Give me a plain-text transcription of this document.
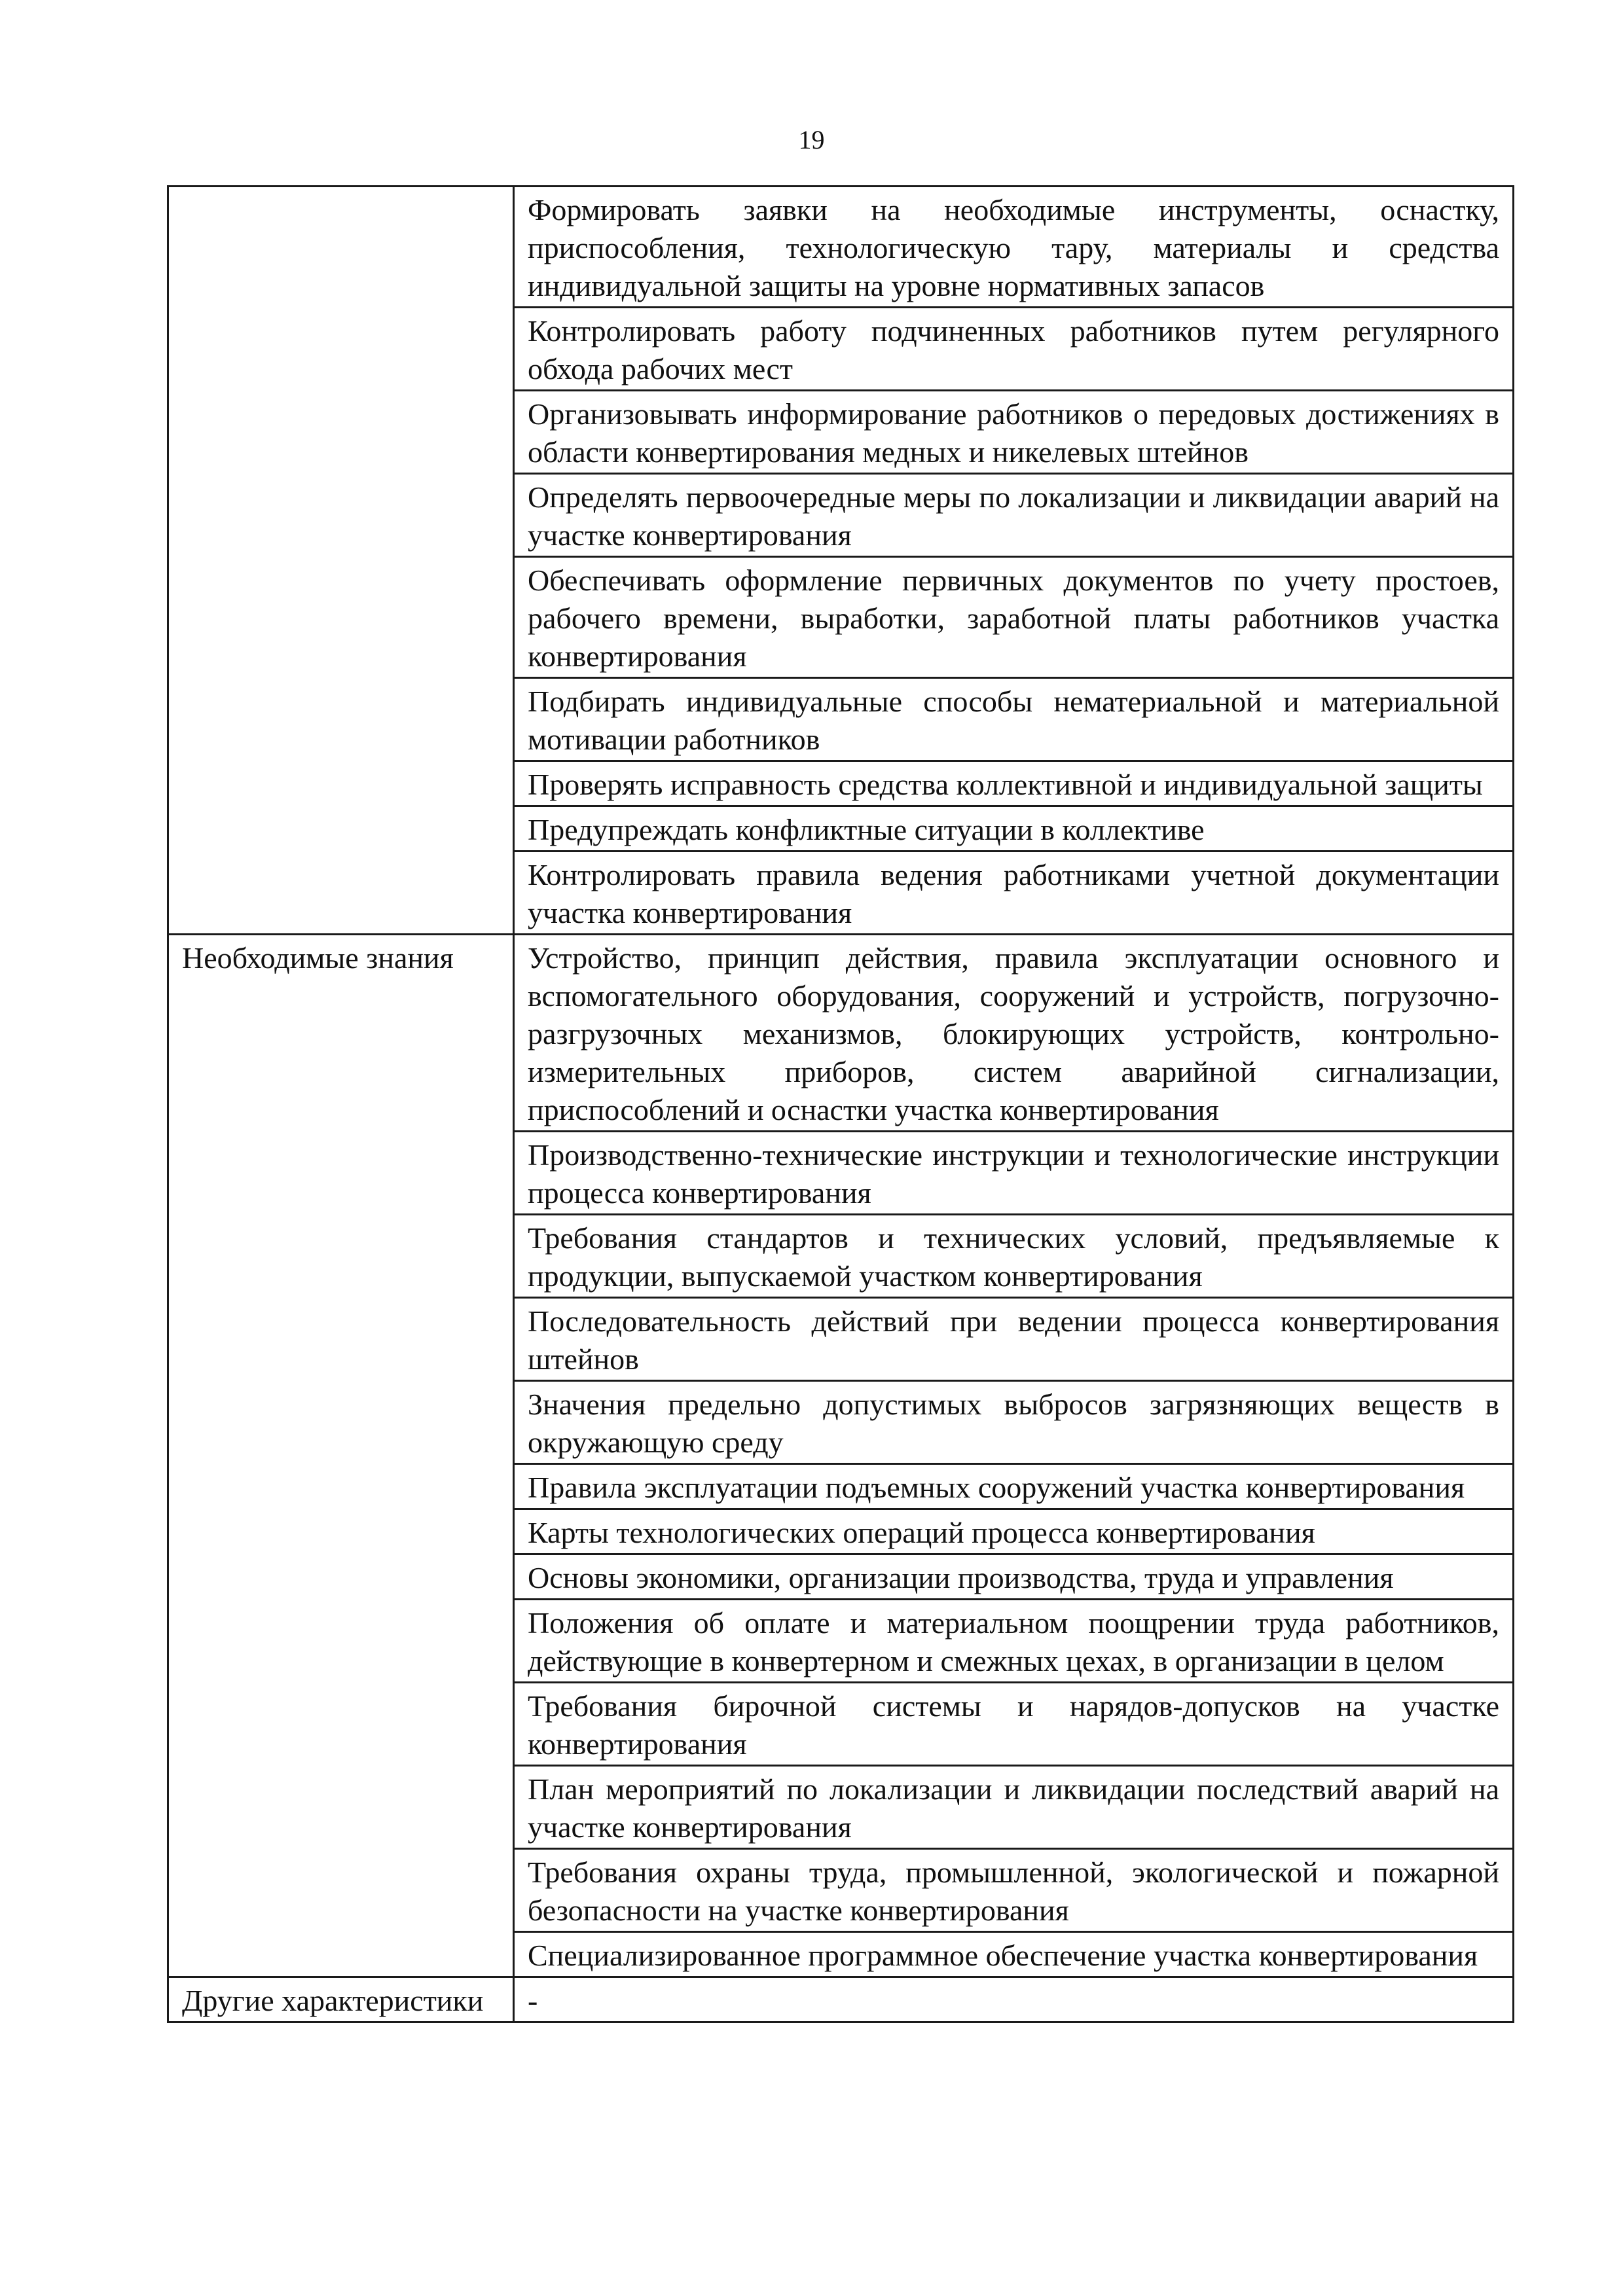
19
	Формировать заявки на необходимые инструменты, оснастку, приспособления, технологическую тару, материалы и средства индивидуальной защиты на уровне нормативных запасов
	Контролировать работу подчиненных работников путем регулярного обхода рабочих мест
	Организовывать информирование работников о передовых достижениях в области конвертирования медных и никелевых штейнов
	Определять первоочередные меры по локализации и ликвидации аварий на участке конвертирования
	Обеспечивать оформление первичных документов по учету простоев, рабочего времени, выработки, заработной платы работников участка конвертирования
	Подбирать индивидуальные способы нематериальной и материальной мотивации работников
	Проверять исправность средства коллективной и индивидуальной защиты
	Предупреждать конфликтные ситуации в коллективе
	Контролировать правила ведения работниками учетной документации участка конвертирования
Необходимые знания	Устройство, принцип действия, правила эксплуатации основного и вспомогательного оборудования, сооружений и устройств, погрузочно-разгрузочных механизмов, блокирующих устройств, контрольно-измерительных приборов, систем аварийной сигнализации, приспособлений и оснастки участка конвертирования
	Производственно-технические инструкции и технологические инструкции процесса конвертирования
	Требования стандартов и технических условий, предъявляемые к продукции, выпускаемой участком конвертирования
	Последовательность действий при ведении процесса конвертирования штейнов
	Значения предельно допустимых выбросов загрязняющих веществ в окружающую среду
	Правила эксплуатации подъемных сооружений участка конвертирования
	Карты технологических операций процесса конвертирования
	Основы экономики, организации производства, труда и управления
	Положения об оплате и материальном поощрении труда работников, действующие в конвертерном и смежных цехах, в организации в целом
	Требования бирочной системы и нарядов-допусков на участке конвертирования
	План мероприятий по локализации и ликвидации последствий аварий на участке конвертирования
	Требования охраны труда, промышленной, экологической и пожарной безопасности на участке конвертирования
	Специализированное программное обеспечение участка конвертирования
Другие характеристики	-
